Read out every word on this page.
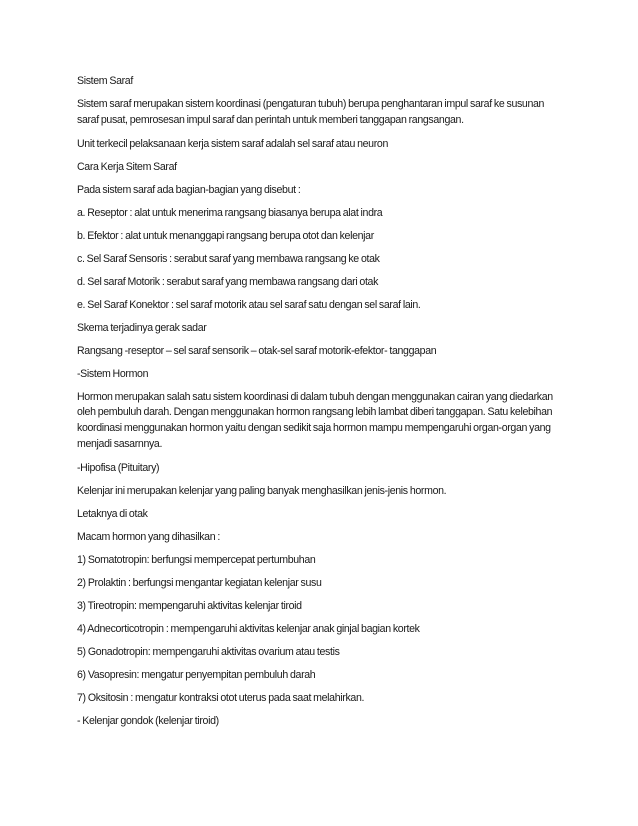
Sistem Saraf

Sistem saraf merupakan sistem koordinasi (pengaturan tubuh) berupa penghantaran impul saraf ke susunan saraf pusat, pemrosesan impul saraf dan perintah untuk memberi tanggapan rangsangan.

Unit terkecil pelaksanaan kerja sistem saraf adalah sel saraf atau neuron

Cara Kerja Sitem Saraf

Pada sistem saraf ada bagian-bagian yang disebut :

a. Reseptor : alat untuk menerima rangsang biasanya berupa alat indra

b. Efektor : alat untuk menanggapi rangsang berupa otot dan kelenjar

c. Sel Saraf Sensoris : serabut saraf yang membawa rangsang ke otak

d. Sel saraf Motorik : serabut saraf yang membawa rangsang dari otak

e. Sel Saraf Konektor : sel saraf motorik atau sel saraf satu dengan sel saraf lain.

Skema terjadinya gerak sadar

Rangsang -reseptor – sel saraf sensorik – otak-sel saraf motorik-efektor- tanggapan

-Sistem Hormon

Hormon merupakan salah satu sistem koordinasi di dalam tubuh dengan menggunakan cairan yang diedarkan oleh pembuluh darah. Dengan menggunakan hormon rangsang lebih lambat diberi tanggapan. Satu kelebihan koordinasi menggunakan hormon yaitu dengan sedikit saja hormon mampu mempengaruhi organ-organ yang menjadi sasarnnya.

-Hipofisa (Pituitary)

Kelenjar ini merupakan kelenjar yang paling banyak menghasilkan jenis-jenis hormon.

Letaknya di otak

Macam hormon yang dihasilkan :

1) Somatotropin: berfungsi mempercepat pertumbuhan

2) Prolaktin : berfungsi mengantar kegiatan kelenjar susu

3) Tireotropin: mempengaruhi aktivitas kelenjar tiroid

4) Adnecorticotropin : mempengaruhi aktivitas kelenjar anak ginjal bagian kortek

5) Gonadotropin: mempengaruhi aktivitas ovarium atau testis

6) Vasopresin: mengatur penyempitan pembuluh darah

7) Oksitosin : mengatur kontraksi otot uterus pada saat melahirkan.

- Kelenjar gondok (kelenjar tiroid)
